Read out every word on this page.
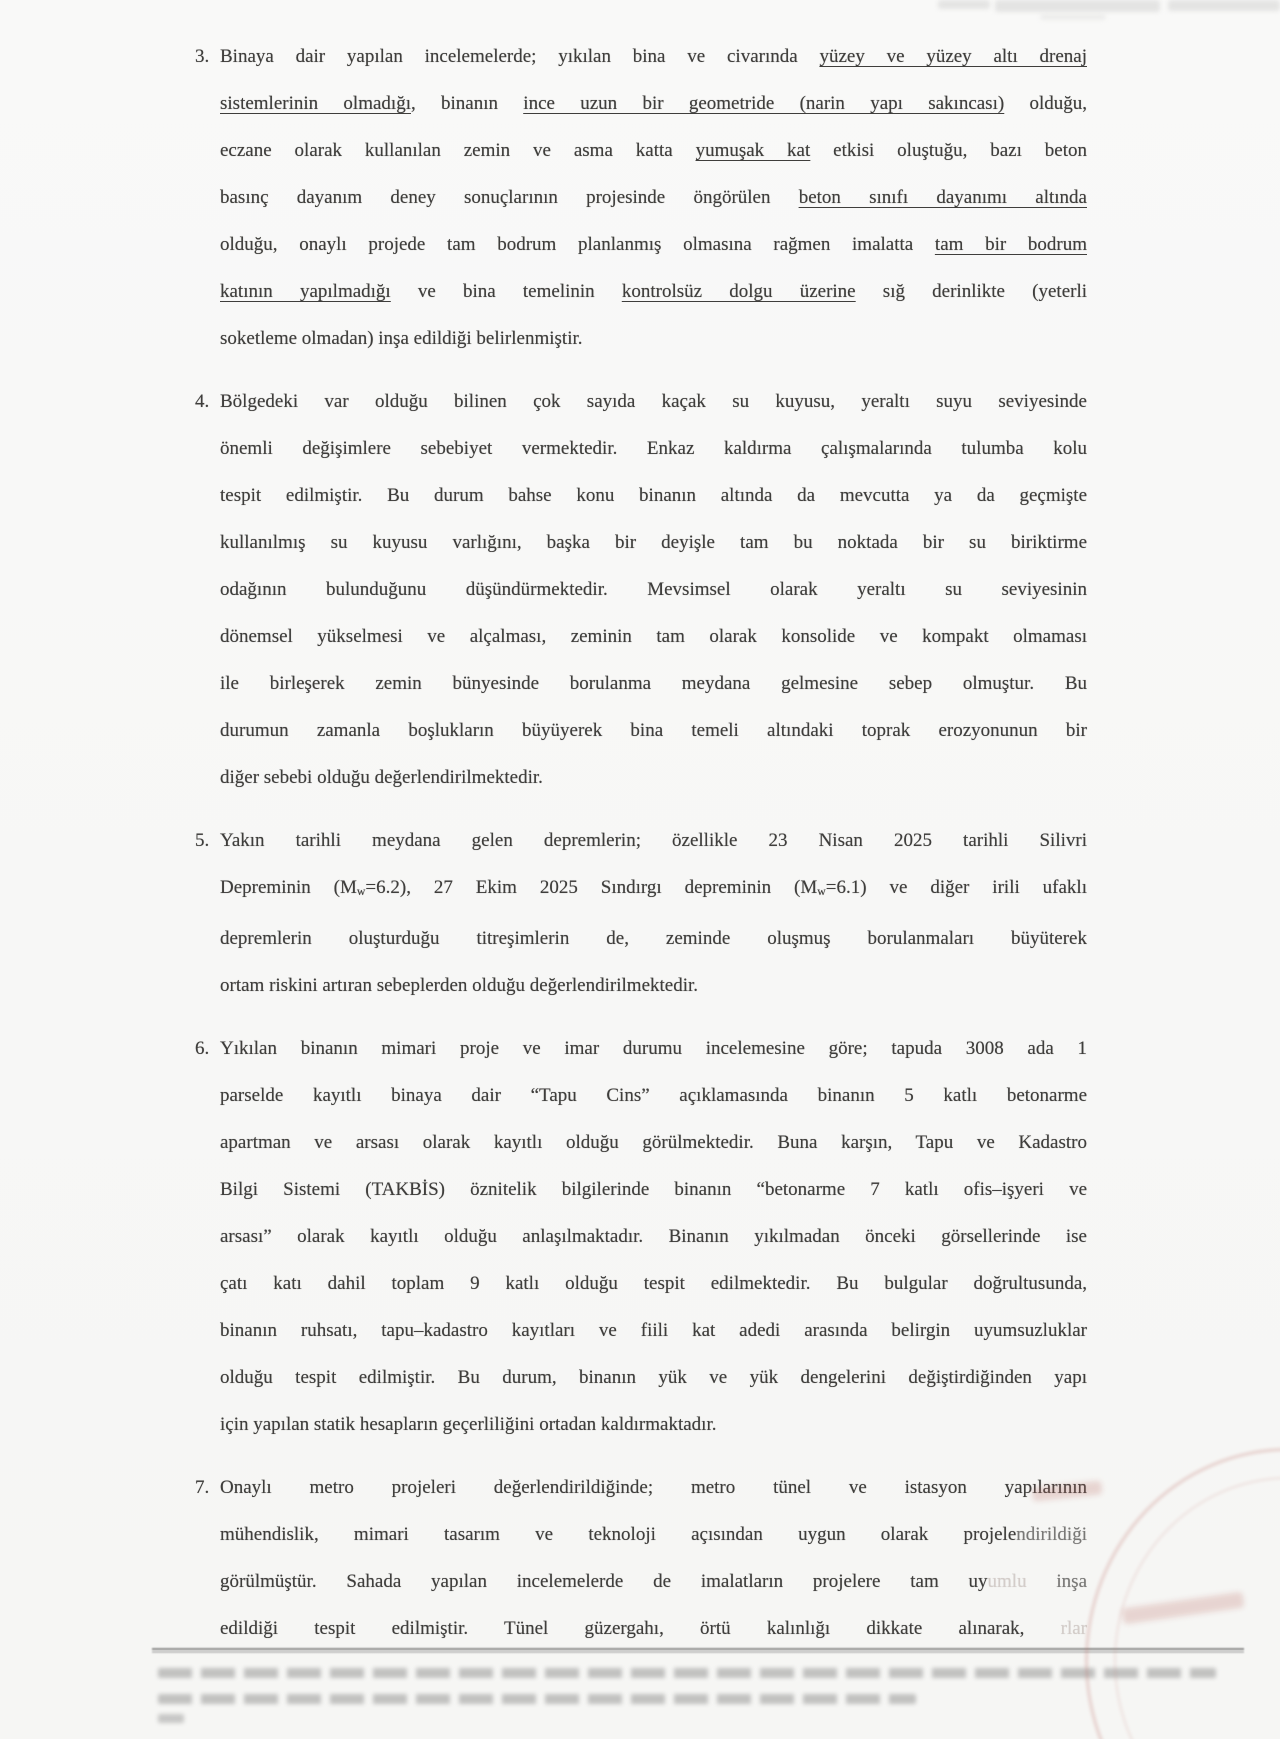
3. Binaya dair yapılan incelemelerde; yıkılan bina ve civarında yüzey ve yüzey altı drenaj
sistemlerinin olmadığı, binanın ince uzun bir geometride (narin yapı sakıncası) olduğu,
eczane olarak kullanılan zemin ve asma katta yumuşak kat etkisi oluştuğu, bazı beton
basınç dayanım deney sonuçlarının projesinde öngörülen beton sınıfı dayanımı altında
olduğu, onaylı projede tam bodrum planlanmış olmasına rağmen imalatta tam bir bodrum
katının yapılmadığı ve bina temelinin kontrolsüz dolgu üzerine sığ derinlikte (yeterli
soketleme olmadan) inşa edildiği belirlenmiştir.
4. Bölgedeki var olduğu bilinen çok sayıda kaçak su kuyusu, yeraltı suyu seviyesinde
önemli değişimlere sebebiyet vermektedir. Enkaz kaldırma çalışmalarında tulumba kolu
tespit edilmiştir. Bu durum bahse konu binanın altında da mevcutta ya da geçmişte
kullanılmış su kuyusu varlığını, başka bir deyişle tam bu noktada bir su biriktirme
odağının bulunduğunu düşündürmektedir. Mevsimsel olarak yeraltı su seviyesinin
dönemsel yükselmesi ve alçalması, zeminin tam olarak konsolide ve kompakt olmaması
ile birleşerek zemin bünyesinde borulanma meydana gelmesine sebep olmuştur. Bu
durumun zamanla boşlukların büyüyerek bina temeli altındaki toprak erozyonunun bir
diğer sebebi olduğu değerlendirilmektedir.
5. Yakın tarihli meydana gelen depremlerin; özellikle 23 Nisan 2025 tarihli Silivri
Depreminin (Mw=6.2), 27 Ekim 2025 Sındırgı depreminin (Mw=6.1) ve diğer irili ufaklı
depremlerin oluşturduğu titreşimlerin de, zeminde oluşmuş borulanmaları büyüterek
ortam riskini artıran sebeplerden olduğu değerlendirilmektedir.
6. Yıkılan binanın mimari proje ve imar durumu incelemesine göre; tapuda 3008 ada 1
parselde kayıtlı binaya dair “Tapu Cins” açıklamasında binanın 5 katlı betonarme
apartman ve arsası olarak kayıtlı olduğu görülmektedir. Buna karşın, Tapu ve Kadastro
Bilgi Sistemi (TAKBİS) öznitelik bilgilerinde binanın “betonarme 7 katlı ofis–işyeri ve
arsası” olarak kayıtlı olduğu anlaşılmaktadır. Binanın yıkılmadan önceki görsellerinde ise
çatı katı dahil toplam 9 katlı olduğu tespit edilmektedir. Bu bulgular doğrultusunda,
binanın ruhsatı, tapu–kadastro kayıtları ve fiili kat adedi arasında belirgin uyumsuzluklar
olduğu tespit edilmiştir. Bu durum, binanın yük ve yük dengelerini değiştirdiğinden yapı
için yapılan statik hesapların geçerliliğini ortadan kaldırmaktadır.
7. Onaylı metro projeleri değerlendirildiğinde; metro tünel ve istasyon yapılarının
mühendislik, mimari tasarım ve teknoloji açısından uygun olarak projelendirildiği
görülmüştür. Sahada yapılan incelemelerde de imalatların projelere tam uyumlu inşa
edildiği tespit edilmiştir. Tünel güzergahı, örtü kalınlığı dikkate alınarak, rlar
